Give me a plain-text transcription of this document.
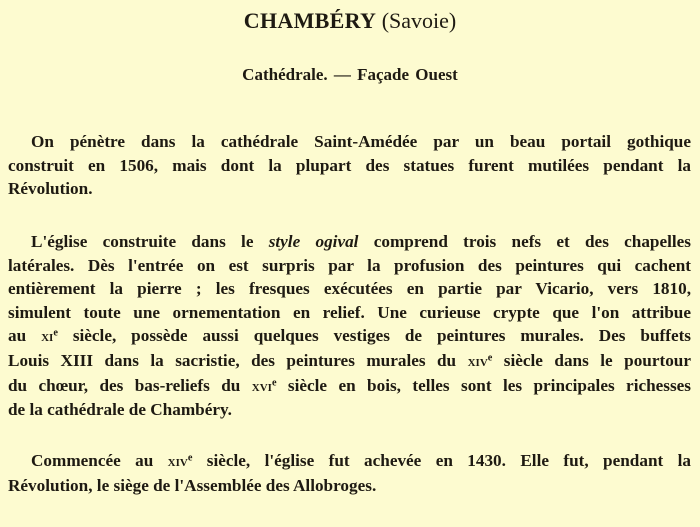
CHAMBÉRY (Savoie)
Cathédrale. — Façade Ouest
On pénètre dans la cathédrale Saint-Amédée par un beau portail gothique
construit en 1506, mais dont la plupart des statues furent mutilées pendant la
Révolution.
L'église construite dans le style ogival comprend trois nefs et des chapelles
latérales. Dès l'entrée on est surpris par la profusion des peintures qui cachent
entièrement la pierre ; les fresques exécutées en partie par Vicario, vers 1810,
simulent toute une ornementation en relief. Une curieuse crypte que l'on attribue
au $xi^e$ siècle, possède aussi quelques vestiges de peintures murales. Des buffets
Louis XIII dans la sacristie, des peintures murales du xiv$^e$ siècle dans le pourtour
du chœur, des bas-reliefs du xvi$^e$ siècle en bois, telles sont les principales richesses
de la cathédrale de Chambéry.
Commencée au xiv$^e$ siècle, l'église fut achevée en 1430. Elle fut, pendant la
Révolution, le siège de l'Assemblée des Allobroges.
